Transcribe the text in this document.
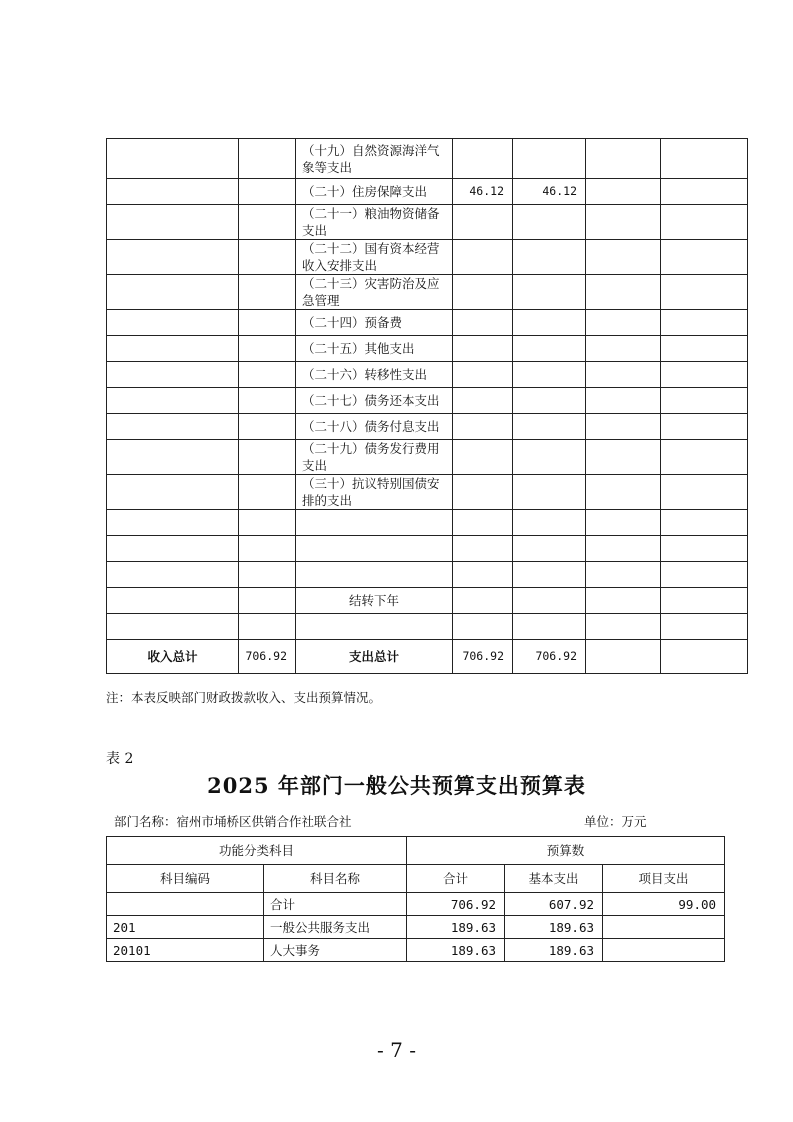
		（十九）自然资源海洋气象等支出				
		（二十）住房保障支出	46.12	46.12		
		（二十一）粮油物资储备支出				
		（二十二）国有资本经营收入安排支出				
		（二十三）灾害防治及应急管理				
		（二十四）预备费				
		（二十五）其他支出				
		（二十六）转移性支出				
		（二十七）债务还本支出				
		（二十八）债务付息支出				
		（二十九）债务发行费用支出				
		（三十）抗议特别国债安排的支出				

		结转下年				

收入总计	706.92	支出总计	706.92	706.92		
注：本表反映部门财政拨款收入、支出预算情况。
表 2
2025 年部门一般公共预算支出预算表
部门名称：宿州市埇桥区供销合作社联合社	单位：万元
功能分类科目		预算数		
科目编码	科目名称	合计	基本支出	项目支出
	合计	706.92	607.92	99.00
201	一般公共服务支出	189.63	189.63	
20101	人大事务	189.63	189.63	
- 7 -
